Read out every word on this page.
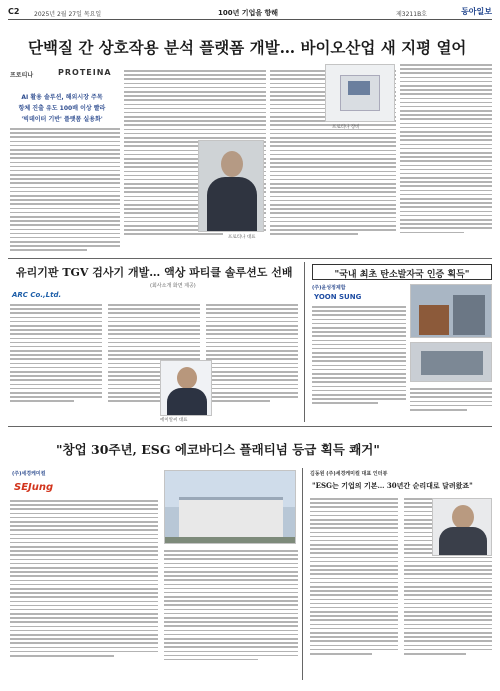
C2 2025년 2월 27일 목요일	100년 기업을 향해	제3211B호	동아일보
단백질 간 상호작용 분석 플랫폼 개발… 바이오산업 새 지평 열어
프로티나	PROTEINA
AI 활용 솔루션, 해외시장 주목
항체 진출 유도 100배 이상 빨라
'빅데이터 기반' 플랫폼 실용화'
프로티나 대표
프로티나 장비
유리기판 TGV 검사기 개발… 액상 파티클 솔루션도 선배
(회사소개 화면 제공)
ARC Co.,Ltd.
에이알씨 대표
"국내 최초 탄소발자국 인증 획득"
(주)윤성정제합
YOON SUNG
"창업 30주년, ESG 에코바디스 플래티넘 등급 획득 쾌거"
(주)세경케미컬
SEJung
김동원 (주)세경케미컬 대표 인터뷰
"ESG는 기업의 기본… 30년간 순리대로 달려왔죠"
